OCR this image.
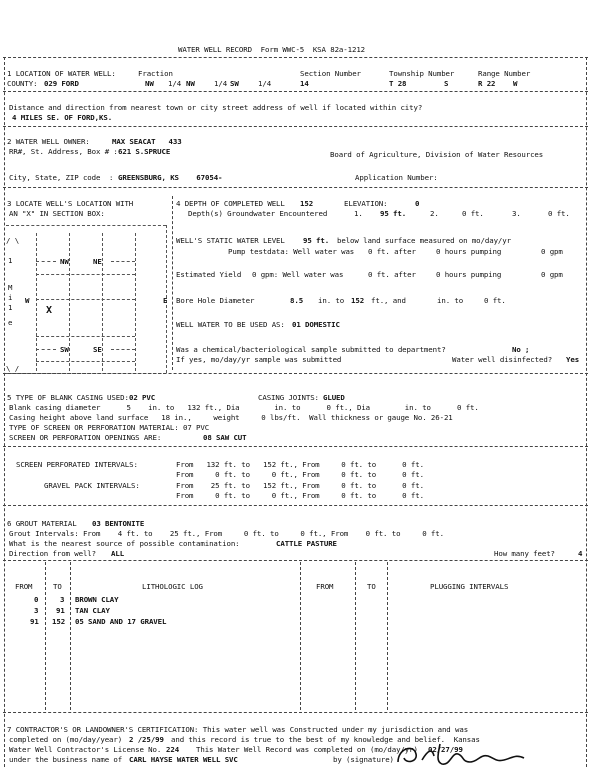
WATER WELL RECORD  Form WWC-5  KSA 82a-1212
1 LOCATION OF WATER WELL:	Fraction
COUNTY: 029 FORD	NW 1/4 NW	1/4 SW	1/4
Section Number
14
Township Number
T 28	S
Range Number
R 22 W
Distance and direction from nearest town or city street address of well if located within city?
4 MILES SE. OF FORD,KS.
2 WATER WELL OWNER:	MAX SEACAT   433
RR#, St. Address, Box # : 621 S.SPRUCE	Board of Agriculture, Division of Water Resources
City, State, ZIP code  : GREENSBURG, KS    67054-	Application Number:
3 LOCATE WELL'S LOCATION WITH
AN "X" IN SECTION BOX:
/ \
\ /
1
M
i
1
e
NW	NE
SW	SE
W	E
X
4 DEPTH OF COMPLETED WELL 152	ELEVATION:	0
Depth(s) Groundwater Encountered	1. 95 ft.	2.	0 ft.	3.	0 ft.
WELL'S STATIC WATER LEVEL 95 ft. below land surface measured on mo/day/yr
Pump testdata: Well water was 0 ft. after	0 hours pumping	0 gpm
Estimated Yield 0 gpm: Well water was	0 ft. after	0 hours pumping	0 gpm
Bore Hole Diameter	8.5 in. to 152 ft., and	in. to	0 ft.
WELL WATER TO BE USED AS: 01 DOMESTIC
Was a chemical/bacteriological sample submitted to department?	No ;
If yes, mo/day/yr sample was submitted	Water well disinfected? Yes
5 TYPE OF BLANK CASING USED: 02 PVC	CASING JOINTS: GLUED
Blank casing diameter      5    in. to   132 ft., Dia        in. to      0 ft., Dia        in. to      0 ft.
Casing height above land surface   18 in.,     weight     0 lbs/ft.  Wall thickness or gauge No. 26-21
TYPE OF SCREEN OR PERFORATION MATERIAL: 07 PVC
SCREEN OR PERFORATION OPENINGS ARE:	08 SAW CUT
SCREEN PERFORATED INTERVALS:	From   132 ft. to   152 ft., From     0 ft. to      0 ft.
From     0 ft. to     0 ft., From     0 ft. to      0 ft.
GRAVEL PACK INTERVALS:	From    25 ft. to   152 ft., From     0 ft. to      0 ft.
From     0 ft. to     0 ft., From     0 ft. to      0 ft.
6 GROUT MATERIAL 03 BENTONITE
Grout Intervals: From    4 ft. to    25 ft., From     0 ft. to     0 ft., From    0 ft. to     0 ft.
What is the nearest source of possible contamination:	CATTLE PASTURE
Direction from well? ALL	How many feet?	4
FROM	TO	LITHOLOGIC LOG	FROM	TO	PLUGGING INTERVALS
0	3 BROWN CLAY
3 91 TAN CLAY
91 152 05 SAND AND 17 GRAVEL
7 CONTRACTOR'S OR LANDOWNER'S CERTIFICATION: This water well was Constructed under my jurisdiction and was
completed on (mo/day/year) 2 /25/99 and this record is true to the best of my knowledge and belief.  Kansas
Water Well Contractor's License No. 224 This Water Well Record was completed on (mo/day/yr) 02/27/99
under the business name of CARL HAYSE WATER WELL SVC	by (signature)
